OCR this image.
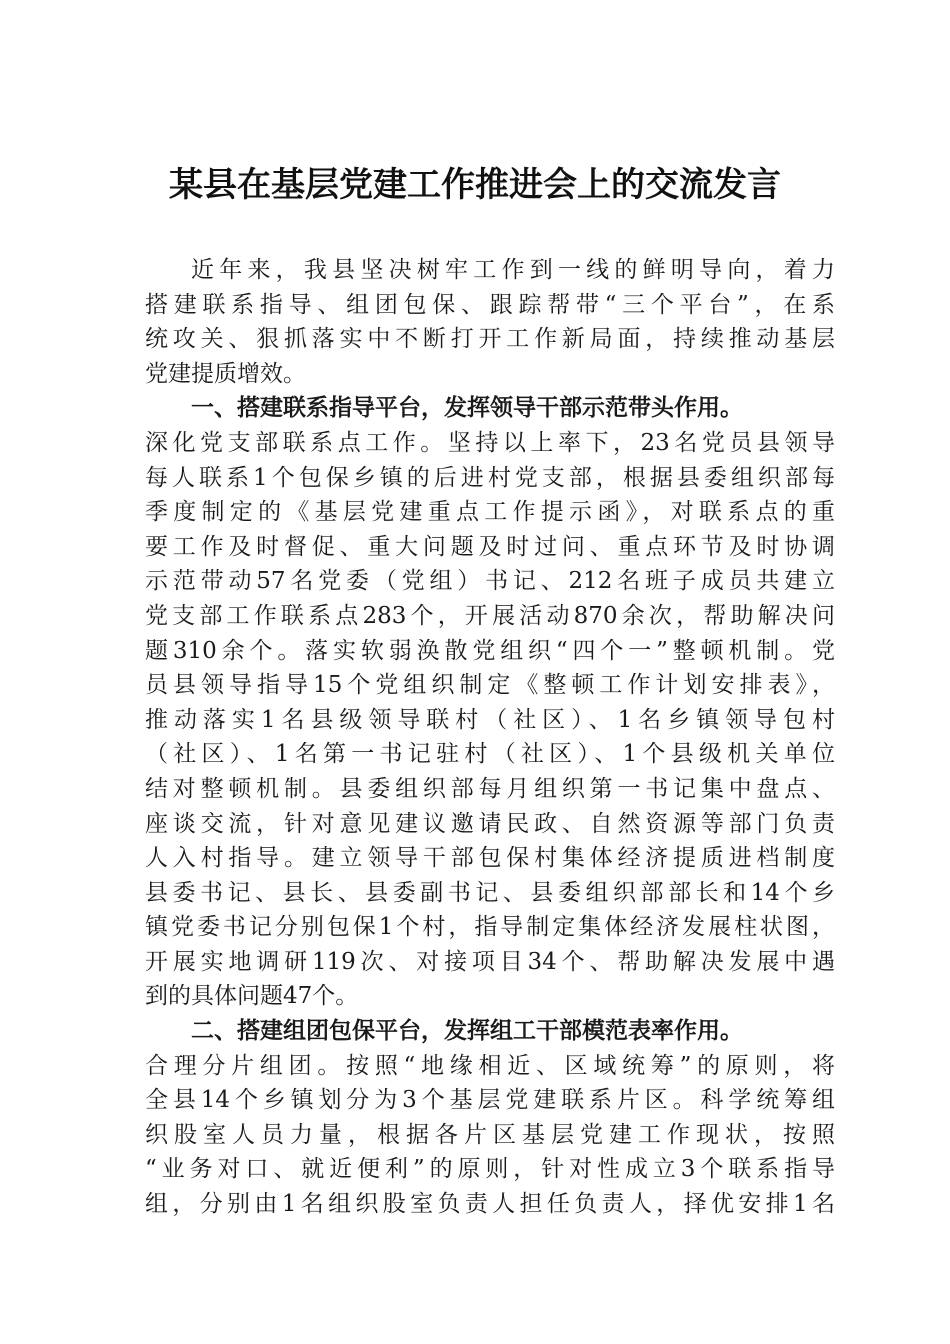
某县在基层党建工作推进会上的交流发言
近年来，我县坚决树牢工作到一线的鲜明导向，着力
搭建联系指导、组团包保、跟踪帮带“三个平台”，在系
统攻关、狠抓落实中不断打开工作新局面，持续推动基层
党建提质增效。
一、搭建联系指导平台，发挥领导干部示范带头作用。
深化党支部联系点工作。坚持以上率下，23名党员县领导
每人联系1个包保乡镇的后进村党支部，根据县委组织部每
季度制定的《基层党建重点工作提示函》，对联系点的重
要工作及时督促、重大问题及时过问、重点环节及时协调
示范带动57名党委（党组）书记、212名班子成员共建立
党支部工作联系点283个，开展活动870余次，帮助解决问
题310余个。落实软弱涣散党组织“四个一”整顿机制。党
员县领导指导15个党组织制定《整顿工作计划安排表》，
推动落实1名县级领导联村（社区）、1名乡镇领导包村
（社区）、1名第一书记驻村（社区）、1个县级机关单位
结对整顿机制。县委组织部每月组织第一书记集中盘点、
座谈交流，针对意见建议邀请民政、自然资源等部门负责
人入村指导。建立领导干部包保村集体经济提质进档制度
县委书记、县长、县委副书记、县委组织部部长和14个乡
镇党委书记分别包保1个村，指导制定集体经济发展柱状图，
开展实地调研119次、对接项目34个、帮助解决发展中遇
到的具体问题47个。
二、搭建组团包保平台，发挥组工干部模范表率作用。
合理分片组团。按照“地缘相近、区域统筹”的原则，将
全县14个乡镇划分为3个基层党建联系片区。科学统筹组
织股室人员力量，根据各片区基层党建工作现状，按照
“业务对口、就近便利”的原则，针对性成立3个联系指导
组，分别由1名组织股室负责人担任负责人，择优安排1名
